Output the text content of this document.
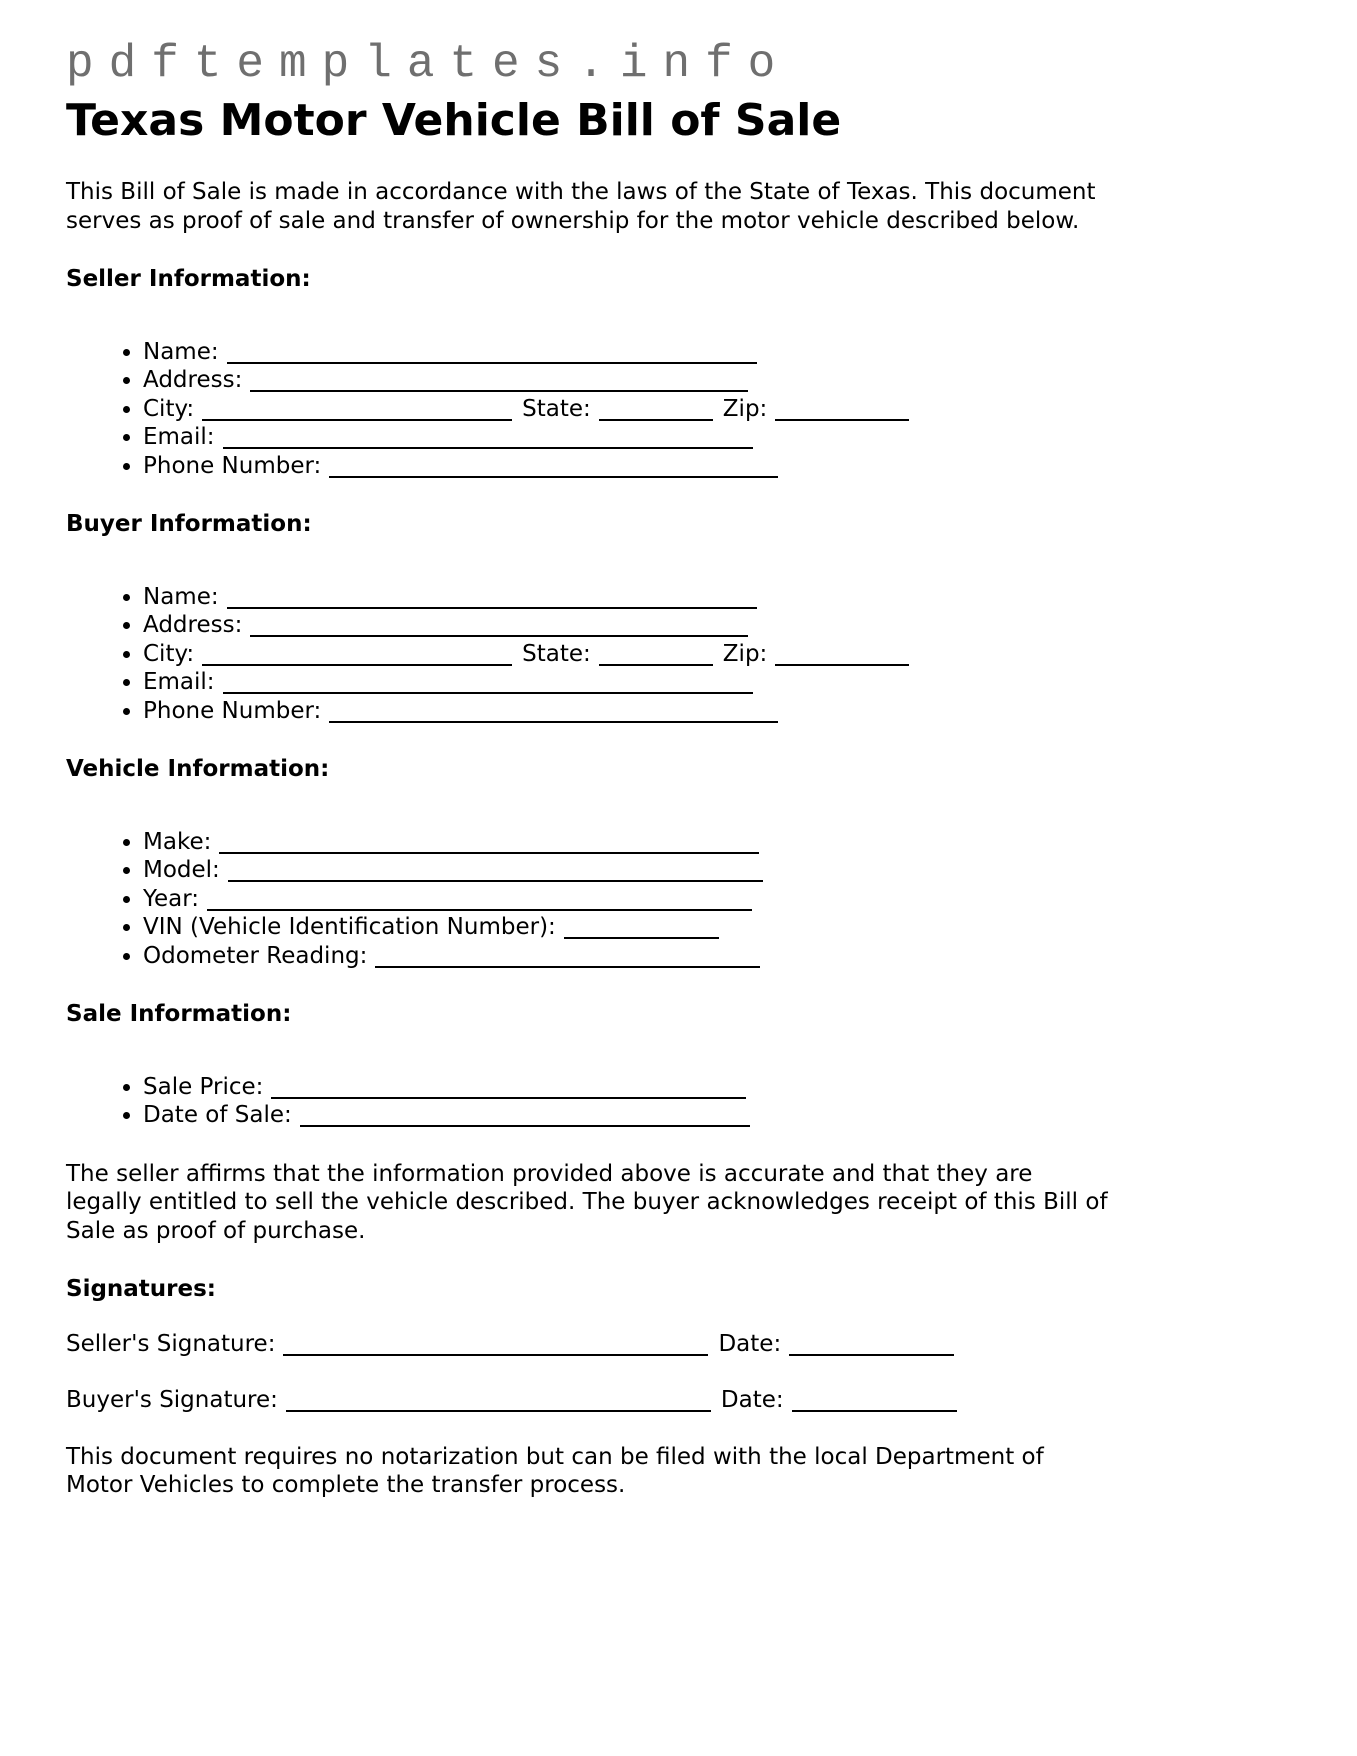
pdftemplates.info
Texas Motor Vehicle Bill of Sale

This Bill of Sale is made in accordance with the laws of the State of Texas. This document
serves as proof of sale and transfer of ownership for the motor vehicle described below.

Seller Information:
• Name:
• Address:
• City:	State:	Zip:
• Email:
• Phone Number:
Buyer Information:
• Name:
• Address:
• City:	State:	Zip:
• Email:
• Phone Number:
Vehicle Information:
• Make:
• Model:
• Year:
• VIN (Vehicle Identification Number):
• Odometer Reading:
Sale Information:
• Sale Price:
• Date of Sale:

The seller affirms that the information provided above is accurate and that they are
legally entitled to sell the vehicle described. The buyer acknowledges receipt of this Bill of
Sale as proof of purchase.

Signatures:
Seller's Signature:	Date:
Buyer's Signature:	Date:

This document requires no notarization but can be filed with the local Department of
Motor Vehicles to complete the transfer process.
